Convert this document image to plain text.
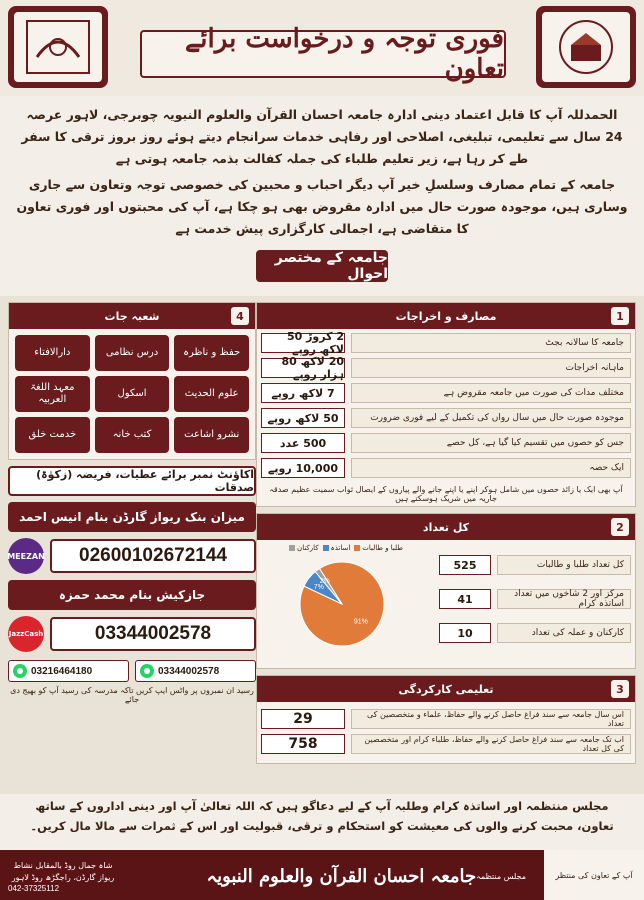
فوری توجہ و درخواست برائے تعاون

الحمدللہ آپ کا قابل اعتماد دینی ادارہ جامعہ احسان القرآن والعلوم النبویہ چوبرجی، لاہور عرصہ 24 سال سے تعلیمی، تبلیغی، اصلاحی اور رفاہی خدمات سرانجام دیتے ہوئے روز بروز ترقی کا سفر طے کر رہا ہے، زیر تعلیم طلباء کی جملہ کفالت بذمہ جامعہ ہوتی ہے

جامعہ کے تمام مصارف وسلسلِ خیر آپ دیگر احباب و محبین کی خصوصی توجہ وتعاون سے جاری وساری ہیں، موجودہ صورت حال میں ادارہ مقروض بھی ہو چکا ہے، آپ کی محبتوں اور فوری تعاون کا متقاضی ہے، اجمالی کارگزاری پیش خدمت ہے

جامعہ کے مختصر احوال
مصارف و اخراجات	1
جامعہ کا سالانہ بجٹ
2 کروڑ 50 لاکھ روپے
ماہانہ اخراجات
20 لاکھ 80 ہزار روپے
مختلف مدات کی صورت میں جامعہ مقروض ہے
7 لاکھ روپے
موجودہ صورت حال میں سال رواں کی تکمیل کے لیے فوری ضرورت
50 لاکھ روپے
جس کو حصوں میں تقسیم کیا گیا ہے، کل حصے
500 عدد
ایک حصہ
10,000 روپے
آپ بھی ایک یا زائد حصوں میں شامل ہوکر اپنے یا اپنے جانے والے پیاروں کے ایصال ثواب سمیت عظیم صدقہ جاریہ میں شریک ہوسکتے ہیں
کل تعداد	2
کارکنان اساتذہ طلبا و طالبات
91%
7%
2%
کل تعداد طلبا و طالبات
525
مرکز اور 2 شاخوں میں تعداد اساتذہ کرام
41
کارکنان و عملہ کی تعداد
10
تعلیمی کارکردگی	3
اس سال جامعہ سے سند فراغ حاصل کرنے والے حفاظ، علماء و متخصصین کی تعداد
29
اب تک جامعہ سے سند فراغ حاصل کرنے والے حفاظ، طلباء کرام اور متخصصین کی کل تعداد
758
4
شعبہ جات
حفظ و ناظرہ
درس نظامی
دارالافتاء
علوم الحدیث
اسکول
معہد اللغۃ العربیہ
نشرو اشاعت
کتب خانہ
خدمت خلق
اکاؤنٹ نمبر برائے عطیات، فریضہ (زکوٰۃ) صدقات
میزان بنک ریواز گارڈن بنام انیس احمد
MEEZAN	02600102672144
جازکیش بنام محمد حمزہ
JazzCash	03344002578
03216464180	03344002578
رسید ان نمبروں پر واٹس ایپ کریں تاکہ مدرسہ کی رسید آپ کو بھیج دی جائے
مجلس منتظمہ اور اساتذہ کرام وطلبہ آپ کے لیے دعاگو ہیں کہ اللہ تعالیٰ آپ اور دینی اداروں کے ساتھ تعاون، محبت کرنے والوں کی معیشت کو استحکام و ترقی، قبولیت اور اس کے ثمرات سے مالا مال کریں۔
شاہ جمال روڈ بالمقابل نشاط ریواز گارڈن، راجگڑھ روڈ لاہور
042-37325112
مجلس منتظمہ
جامعہ احسان القرآن والعلوم النبویہ	آپ کے تعاون کی منتظر
